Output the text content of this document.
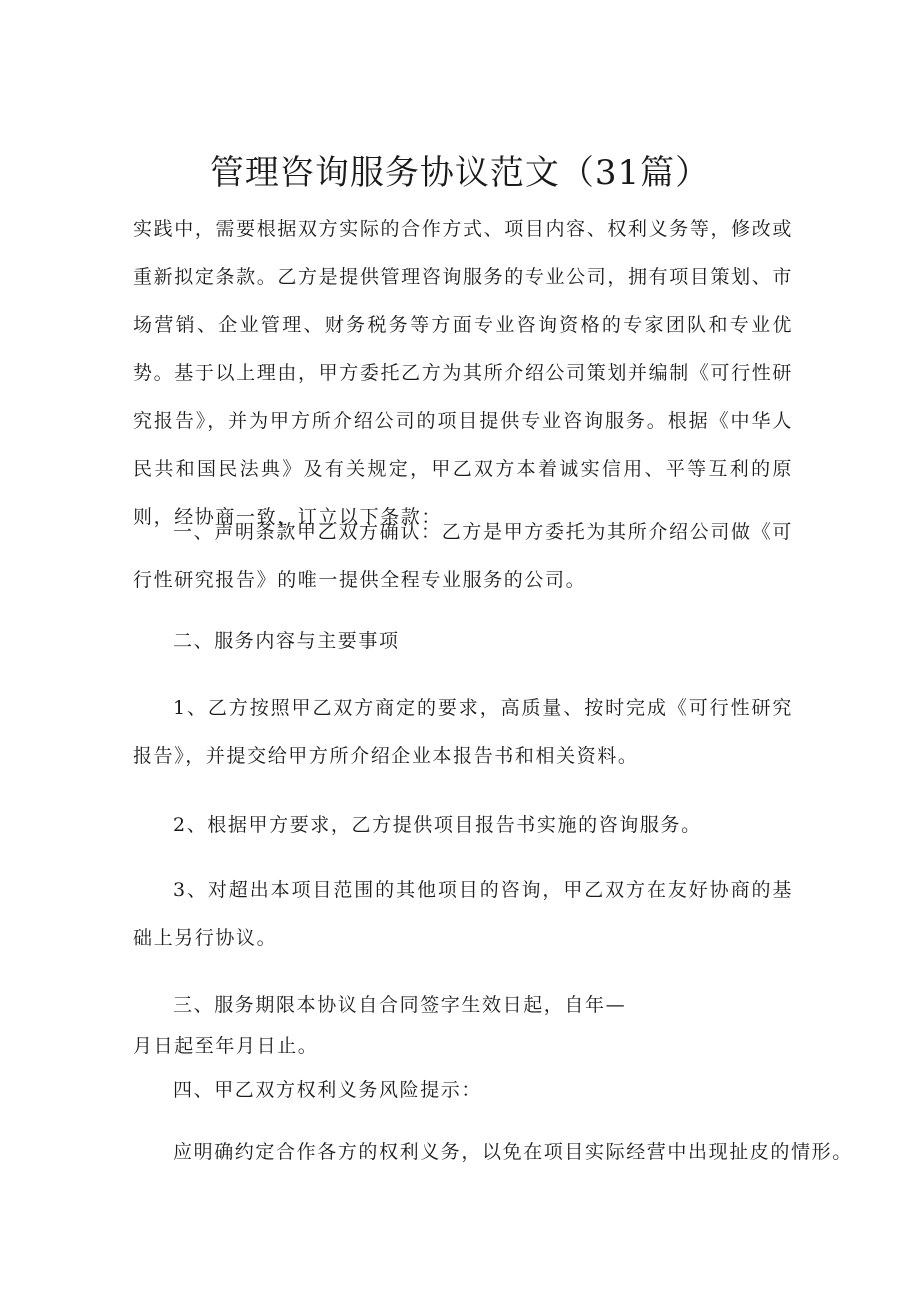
管理咨询服务协议范文（31篇）
实践中，需要根据双方实际的合作方式、项目内容、权利义务等，修改或重新拟定条款。乙方是提供管理咨询服务的专业公司，拥有项目策划、市场营销、企业管理、财务税务等方面专业咨询资格的专家团队和专业优势。基于以上理由，甲方委托乙方为其所介绍公司策划并编制《可行性研究报告》，并为甲方所介绍公司的项目提供专业咨询服务。根据《中华人民共和国民法典》及有关规定，甲乙双方本着诚实信用、平等互利的原则，经协商一致，订立以下条款：
一、声明条款甲乙双方确认：乙方是甲方委托为其所介绍公司做《可行性研究报告》的唯一提供全程专业服务的公司。
二、服务内容与主要事项
1、乙方按照甲乙双方商定的要求，高质量、按时完成《可行性研究报告》，并提交给甲方所介绍企业本报告书和相关资料。
2、根据甲方要求，乙方提供项目报告书实施的咨询服务。
3、对超出本项目范围的其他项目的咨询，甲乙双方在友好协商的基础上另行协议。
三、服务期限本协议自合同签字生效日起，自年—
月日起至年月日止。
四、甲乙双方权利义务风险提示：
应明确约定合作各方的权利义务，以免在项目实际经营中出现扯皮的情形。
